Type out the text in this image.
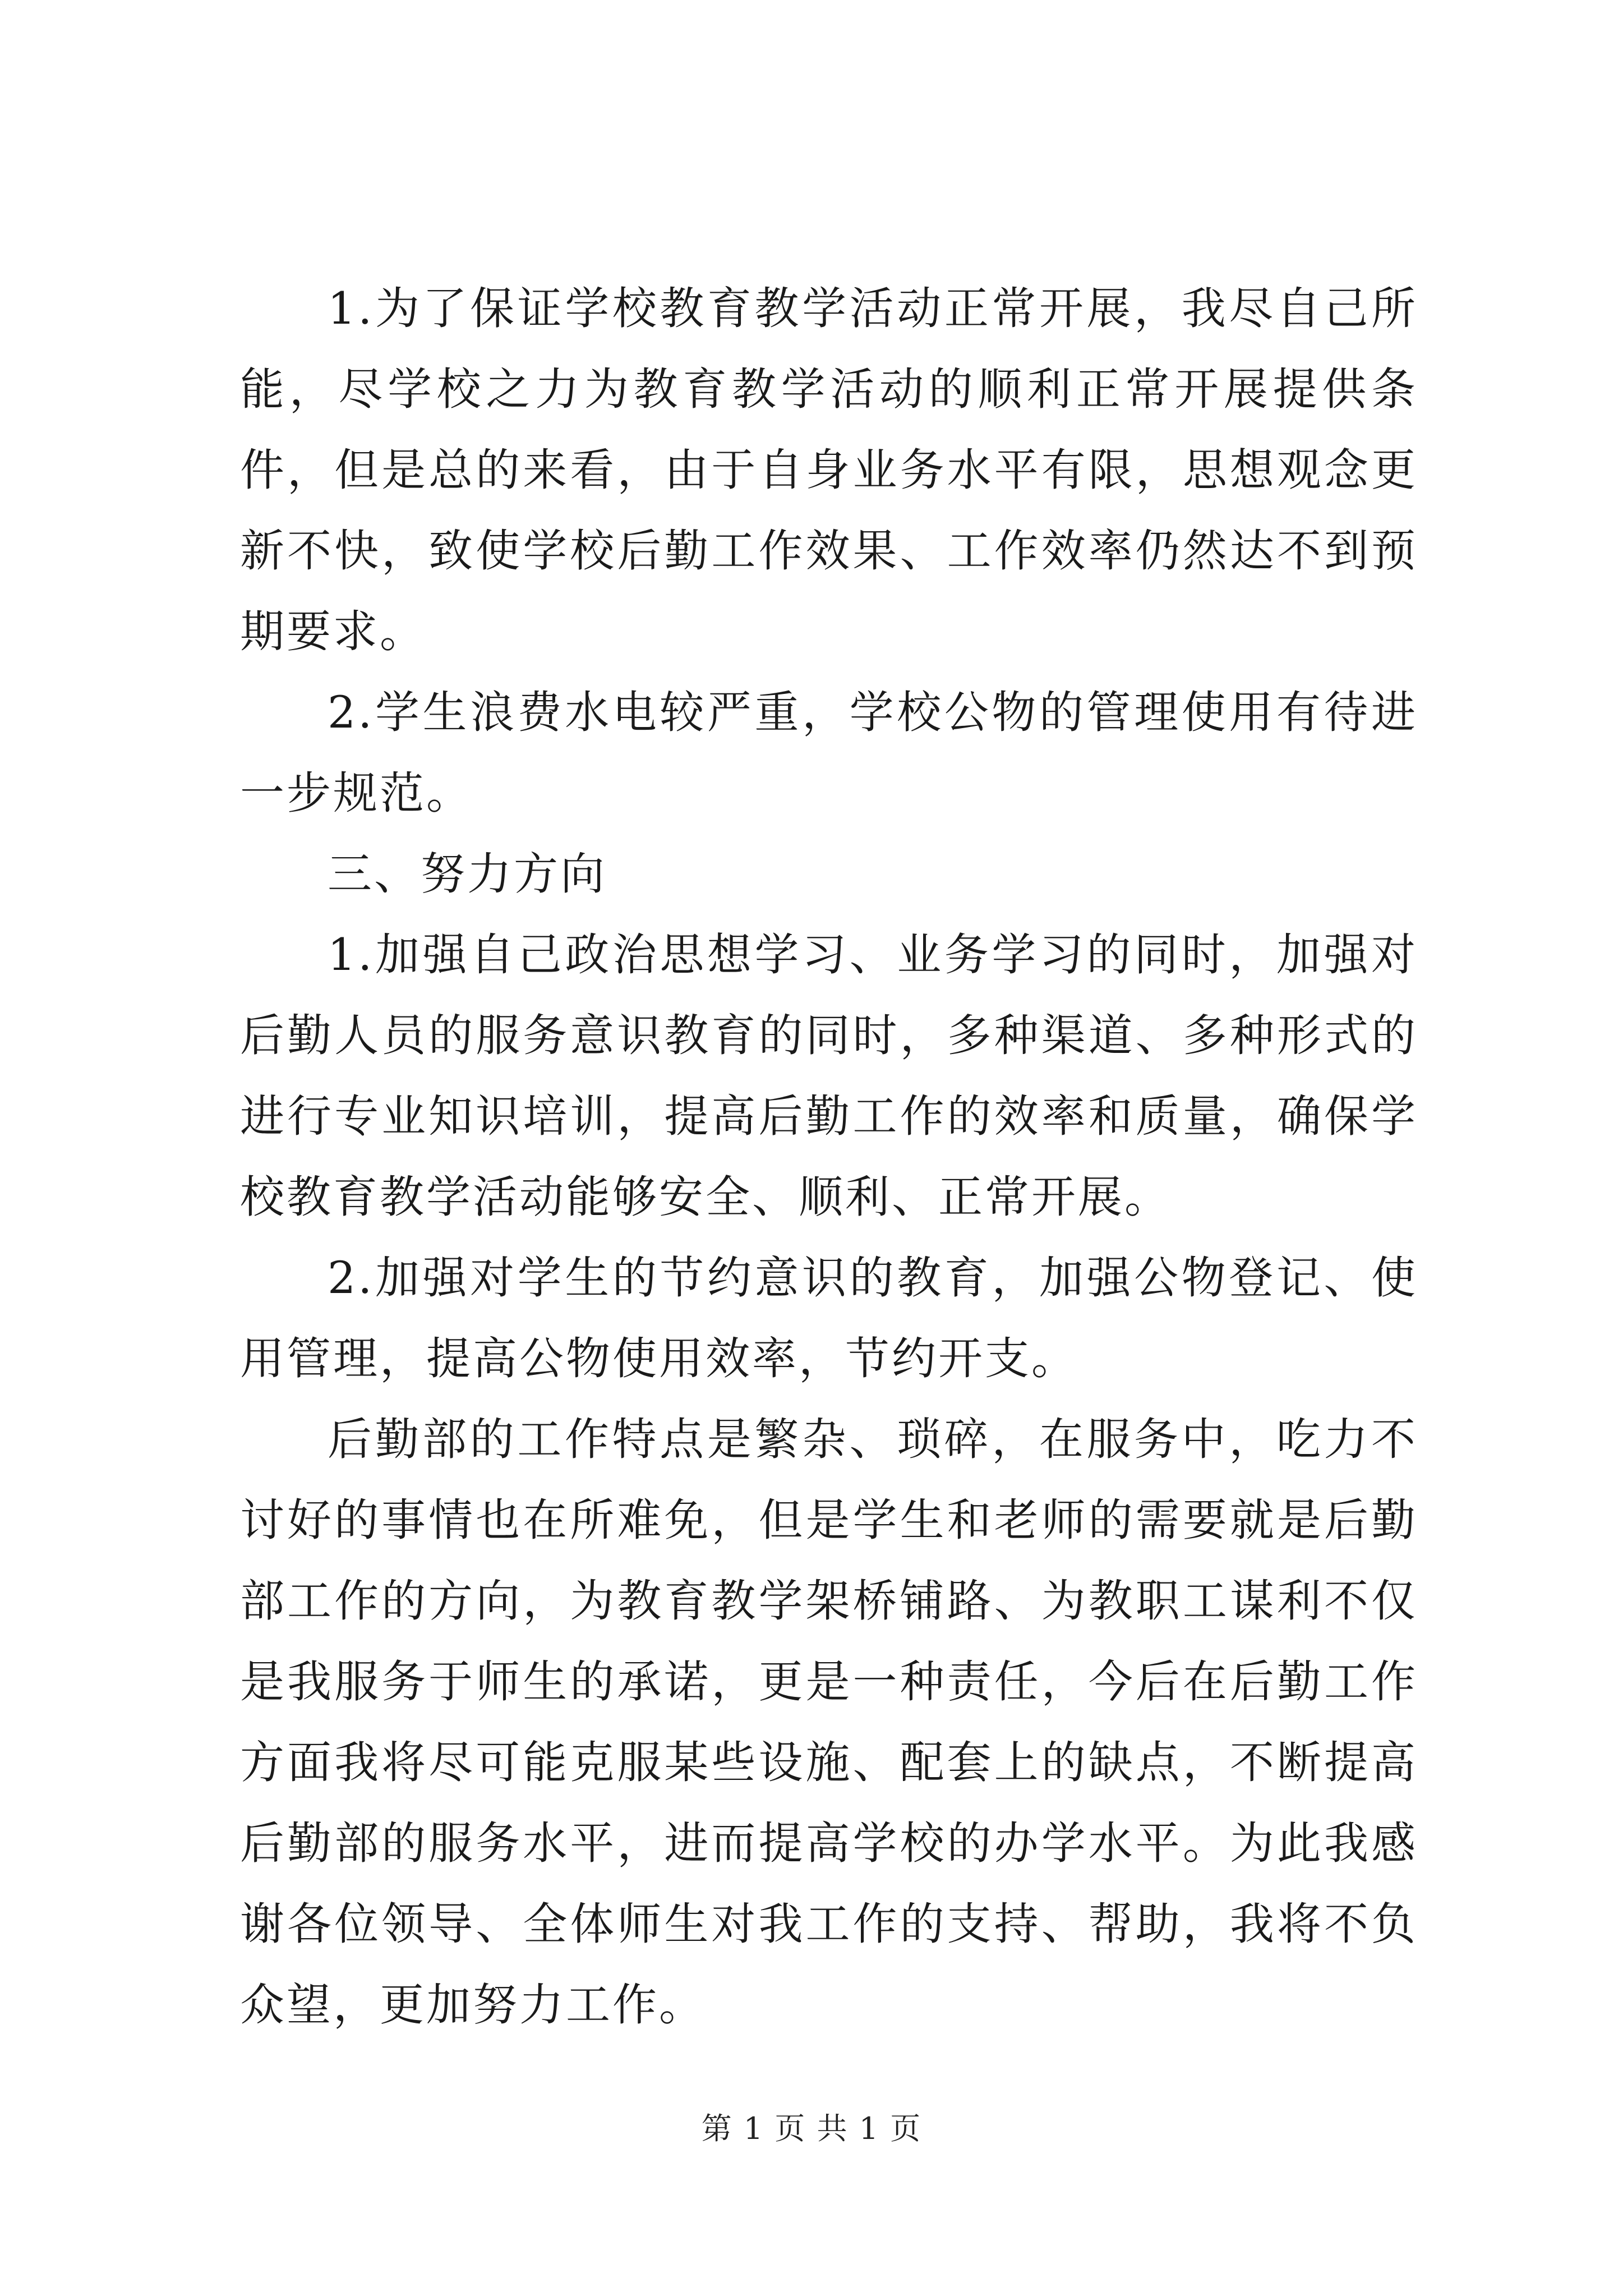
1.为了保证学校教育教学活动正常开展，我尽自己所能，尽学校之力为教育教学活动的顺利正常开展提供条件，但是总的来看，由于自身业务水平有限，思想观念更新不快，致使学校后勤工作效果、工作效率仍然达不到预期要求。

2.学生浪费水电较严重，学校公物的管理使用有待进一步规范。

三、努力方向

1.加强自己政治思想学习、业务学习的同时，加强对后勤人员的服务意识教育的同时，多种渠道、多种形式的进行专业知识培训，提高后勤工作的效率和质量，确保学校教育教学活动能够安全、顺利、正常开展。

2.加强对学生的节约意识的教育，加强公物登记、使用管理，提高公物使用效率，节约开支。

后勤部的工作特点是繁杂、琐碎，在服务中，吃力不讨好的事情也在所难免，但是学生和老师的需要就是后勤部工作的方向，为教育教学架桥铺路、为教职工谋利不仅是我服务于师生的承诺，更是一种责任，今后在后勤工作方面我将尽可能克服某些设施、配套上的缺点，不断提高后勤部的服务水平，进而提高学校的办学水平。为此我感谢各位领导、全体师生对我工作的支持、帮助，我将不负众望，更加努力工作。

第 1 页 共 1 页
